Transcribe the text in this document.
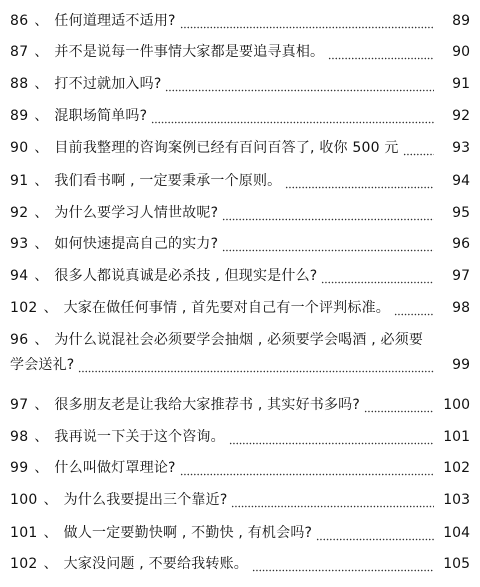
86 、 任何道理适不适用?	89
87 、 并不是说每一件事情大家都是要追寻真相。	90
88 、 打不过就加入吗?	91
89 、 混职场简单吗?	92
90 、 目前我整理的咨询案例已经有百问百答了, 收你 500 元	93
91 、 我们看书啊 , 一定要秉承一个原则。	94
92 、 为什么要学习人情世故呢?	95
93 、 如何快速提高自己的实力?	96
94 、 很多人都说真诚是必杀技 , 但现实是什么?	97
102 、 大家在做任何事情 , 首先要对自己有一个评判标准。	98
96 、 为什么说混社会必须要学会抽烟 , 必须要学会喝酒 , 必须要
学会送礼?	99
97 、 很多朋友老是让我给大家推荐书 , 其实好书多吗?	100
98 、 我再说一下关于这个咨询。	101
99 、 什么叫做灯罩理论?	102
100 、 为什么我要提出三个靠近?	103
101 、 做人一定要勤快啊 , 不勤快 , 有机会吗?	104
102 、 大家没问题 , 不要给我转账。	105
